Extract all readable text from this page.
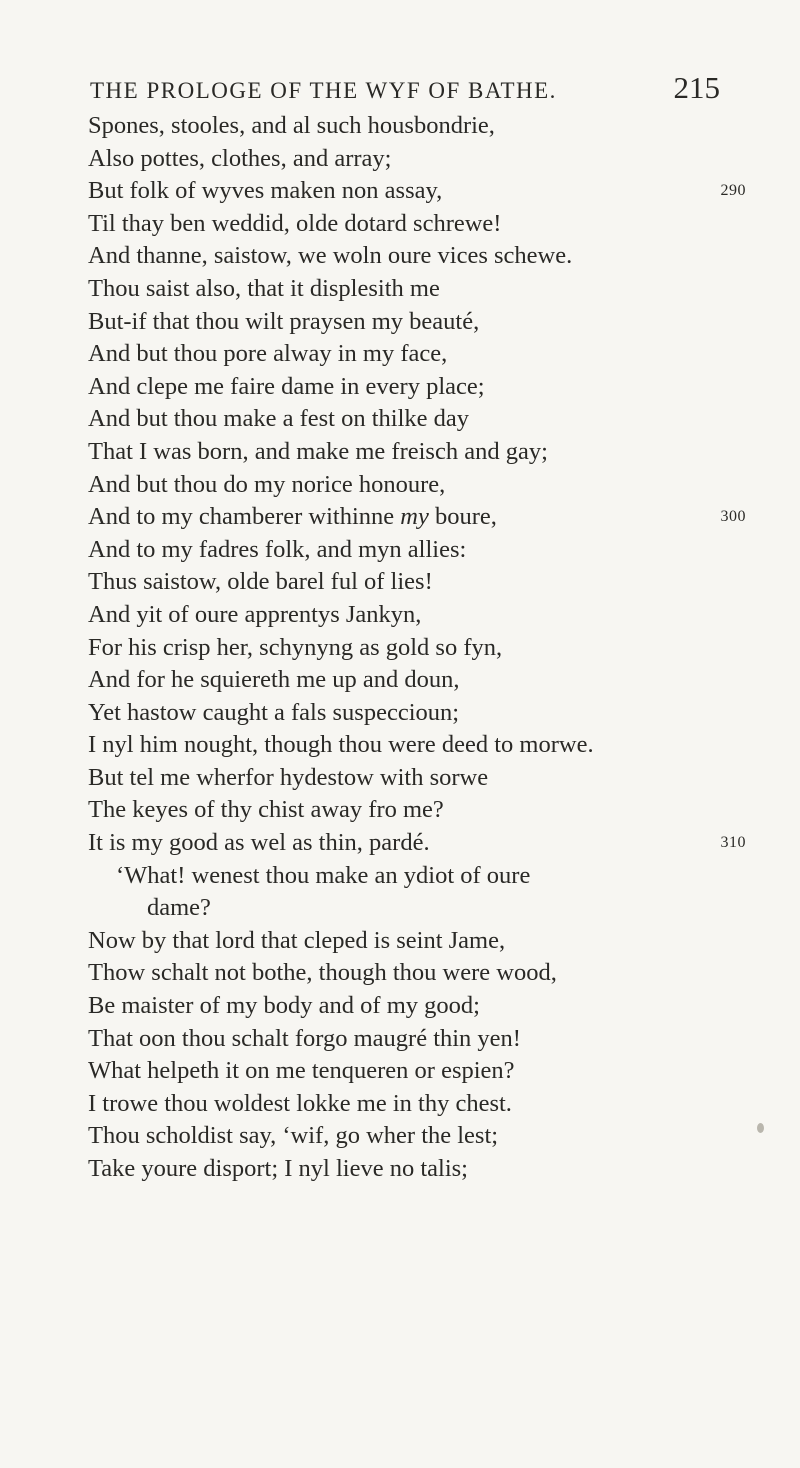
THE PROLOGE OF THE WYF OF BATHE.	215
Spones, stooles, and al such housbondrie,
Also pottes, clothes, and array;
But folk of wyves maken non assay,	290
Til thay ben weddid, olde dotard schrewe!
And thanne, saistow, we woln oure vices schewe.
Thou saist also, that it displesith me
But-if that thou wilt praysen my beauté,
And but thou pore alway in my face,
And clepe me faire dame in every place;
And but thou make a fest on thilke day
That I was born, and make me freisch and gay;
And but thou do my norice honoure,
And to my chamberer withinne my boure,	300
And to my fadres folk, and myn allies:
Thus saistow, olde barel ful of lies!
And yit of oure apprentys Jankyn,
For his crisp her, schynyng as gold so fyn,
And for he squiereth me up and doun,
Yet hastow caught a fals suspeccioun;
I nyl him nought, though thou were deed to morwe.
But tel me wherfor hydestow with sorwe
The keyes of thy chist away fro me?
It is my good as wel as thin, pardé.	310
‘What! wenest thou make an ydiot of oure
dame?
Now by that lord that cleped is seint Jame,
Thow schalt not bothe, though thou were wood,
Be maister of my body and of my good;
That oon thou schalt forgo maugré thin yen!
What helpeth it on me tenqueren or espien?
I trowe thou woldest lokke me in thy chest.
Thou scholdist say, ‘wif, go wher the lest;
Take youre disport; I nyl lieve no talis;
